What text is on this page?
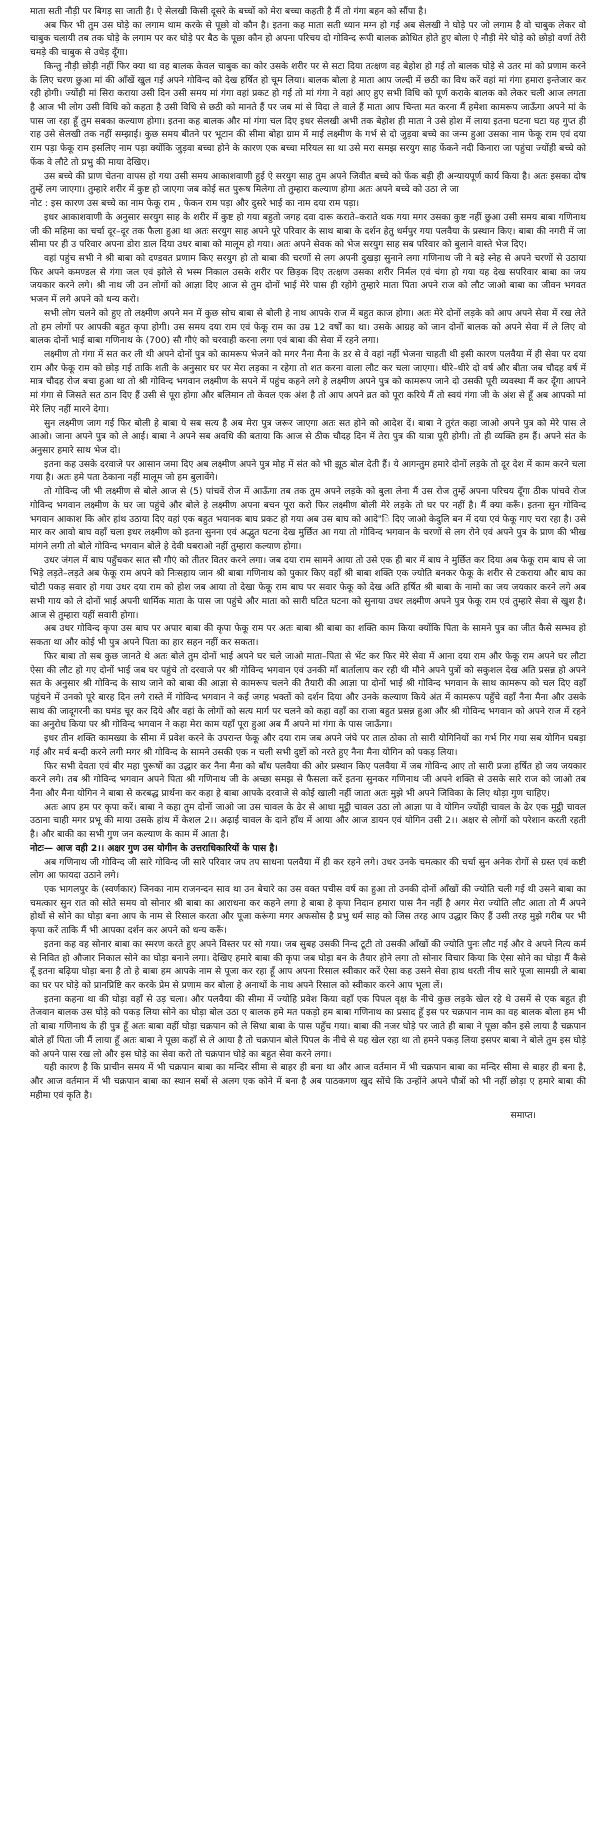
माता सती नौड़ी पर बिगड़ सा जाती है। ऐ सेलखी किसी दूसरे के बच्चों को मेरा बच्चा कहती है मैं तो गंगा बहन को सौंपा है।

अब फिर भी तुम उस घोड़े का लगाम थाम करके से पूछो वो कौन है। इतना कह माता सती ध्यान मग्न हो गई अब सेलखी ने घोड़े पर जो लगाम है वो चाबुक लेकर वो चाबुक चलायी तब तक घोड़े के लगाम पर कर घोड़े पर बैठ के पूछा कौन हो अपना परिचय दो गोविन्द रूपी बालक क्रोधित होते हुए बोला ऐ नौड़ी मेरे घोड़े को छोड़ो वर्णा तेरी चमड़े की चाबुक से उधेड़ दूँगा।

किन्तु नौड़ी छोड़ी नहीं फिर क्या था वह बालक केवल चाबुक का कोर उसके शरीर पर से सटा दिया तत्क्षण वह बेहोश हो गई तो बालक घोड़े से उतर मां को प्रणाम करने के लिए चरण छुआ मां की आँखें खुल गई अपने गोविन्द को देख हर्षित हो चूम लिया। बालक बोला हे माता आप जल्दी में छठी का विध करें वहां मां गंगा हमारा इन्तेजार कर रही होगी। ज्योंही मां सिरा कराया उसी दिन उसी समय मां गंगा वहां प्रकट हो गई तो मां गंगा ने वहां आए हुए सभी विधि को पूर्ण कराके बालक को लेकर चली आज लगता है आज भी लोग उसी विधि को कहता है उसी विधि से छठी को मानते हैं पर जब मां से विदा ले वाले हैं माता आप चिन्ता मत करना मैं हमेशा कामरूप जाऊँगा अपने मां के पास जा रहा हूँ तुम सबका कल्याण होगा। इतना कह बालक और मां गंगा चल दिए इधर सेलखी अभी तक बेहोश ही माता ने उसे होश में लाया इतना घटना घटा यह गुप्त ही राह उसे सेलखी तक नहीं सम्झाई। कुछ समय बीतने पर भूटान की सीमा बोहा ग्राम में माई लक्ष्मीण के गर्भ से दो जुड़वा बच्चे का जन्म हुआ उसका नाम फेकू राम एवं दया राम पड़ा फेकू राम इसलिए नाम पड़ा क्योंकि जुड़वा बच्चा होने के कारण एक बच्चा मरियल सा था उसे मरा समझ सरयुग साह फेंकने नदी किनारा जा पहुंचा ज्योंही बच्चे को फेंक वे लौटे तो प्रभु की माया देखिए।

उस बच्चे की प्राण चेतना वापस हो गया उसी समय आकाशवाणी हुई ऐ सरयुग साह तुम अपने जिवीत बच्चे को फेंक बड़ी ही अन्यायपूर्ण कार्य किया है। अतः इसका दोष तुम्हें लग जाएगा। तुम्हारे शरीर में कुष्ट हो जाएगा जब कोई सत पुरूष मिलेगा तो तुम्हारा कल्याण होगा अतः अपने बच्चे को उठा ले जा

नोट : इस कारण उस बच्चे का नाम फेकू राम , फेकन राम पड़ा और दुसरे भाई का नाम दया राम पड़ा।

इधर आकाशवाणी के अनुसार सरयुग साह के शरीर में कुष्ट हो गया बहुतो जगह दवा दारू कराते–कराते थक गया मगर उसका कुष्ट नहीं छुआ उसी समय बाबा गणिनाथ जी की महिमा का चर्चा दूर–दूर तक फैला हुआ था अतः सरयुग साह अपने पूरे परिवार के साथ बाबा के दर्शन हेतु धर्मपुर गया पलवैया के प्रस्थान किए। बाबा की नगरी में जा सीमा पर ही उ परिवार अपना डोरा डाल दिया उधर बाबा को मालूम हो गया। अतः अपने सेवक को भेज सरयुग साह सब परिवार को बुलाने वास्ते भेज दिए।

वहां पहुंच सभी ने श्री बाबा को दण्डवत प्रणाम किए सरयुग हो तो बाबा की चरणों से लग अपनी दुखड़ा सुनाने लगा गणिनाथ जी ने बड़े स्नेह से अपने चरणों से उठाया फिर अपने कमण्डल से गंगा जल एवं झोले से भस्म निकाल उसके शरीर पर छिड़क दिए तत्क्षण उसका शरीर निर्मल एवं चंगा हो गया यह देख सपरिवार बाबा का जय जयकार करने लगे। श्री नाथ जी उन लोगों को आज्ञा दिए आज से तुम दोनों भाई मेरे पास ही रहोगे तुम्हारे माता पिता अपने राज को लौट जाओ बाबा का जीवन भगवत भजन में लगे अपने को धन्य करो।

सभी लोग चलने को हुए तो लक्ष्मीण अपने मन में कुछ सोच बाबा से बोली हे नाथ आपके राज में बहुत काज होगा। अतः मेरे दोनों लड़के को आप अपने सेवा में रख लेते तो हम लोगों पर आपकी बहुत कृपा होगी। उस समय दया राम एवं फेकू राम का उम्र 12 वर्षों का था। उसके आग्रह को जान दोनों बालक को अपने सेवा में ले लिए वो बालक दोनों भाई बाबा गणिनाथ के (700) सौ गौएं को चरवाही करना लगा एवं बाबा की सेवा में रहने लगा।

लक्ष्मीण तो गंगा में सत कर ली थी अपने दोनों पुत्र को कामरूप भेजने को मगर नैना मैना के डर से वे वहां नहीं भेजना चाहती थी इसी कारण पलवैया में ही सेवा पर दया राम और फेकू राम को छोड़ गई ताकि शती के अनुसार घर पर मेरा लड़का न रहेगा तो शत करना वाला लौट कर चला जाएगा। धीरे–धीरे दो वर्ष और बीता जब चौदह वर्ष में मात्र चौदह रोज बचा हुआ था तो श्री गोविन्द भगवान लक्ष्मीण के सपने में पहुंच कहने लगे हे लक्ष्मीण अपने पुत्र को कामरूप जाने दो उसकी पूरी व्यवस्था मैं कर दूँगा आपने मां गंगा से जिसते सत ठान दिए हैं उसी से पूरा होगा और बलिमान तो केवल एक अंश है तो आप अपने व्रत को पूरा करिये मैं तो स्वयं गंगा जी के अंश से हूँ अब आपको मां मेरे लिए नहीं मारने देगा।

सुन लक्ष्मीण जाग गई फिर बोली हे बाबा ये सब सत्य है अब मेरा पुत्र जरूर जाएगा अतः सत होने को आदेश दें। बाबा ने तुरंत कहा जाओ अपने पुत्र को मेरे पास ले आओ। जाना अपने पुत्र को ले आई। बाबा ने अपने सब अवधि की बताया कि आज से ठीक चौदह दिन में तेरा पुत्र की यात्रा पूरी होगी। तो ही व्यक्ति हम हैं। अपने संत के अनुसार हमारे साथ भेज दो।

इतना कह उसके दरवाजे पर आसान जमा दिए अब लक्ष्मीण अपने पुत्र मोह में संत को भी झूठ बोल देती हैं। ये आगन्तुम हमारे दोनों लड़के तो दूर देश में काम करने चला गया है। अतः हमे पता ठेकाना नहीं मालूम जो हम बुलावेंगे।

तो गोविन्द जी भी लक्ष्मीण से बोले आज से (5) पांचवें रोज में आऊँगा तब तक तुम अपने लड़के को बुला लेना मैं उस रोज तुम्हें अपना परिचय दूँगा ठीक पांचवे रोज गोविन्द भगवान लक्ष्मीण के घर जा पहुंचे और बोले हे लक्ष्मीण अपना बचन पूरा करो फिर लक्ष्मीण बोली मेरे लड़के तो घर पर नहीं है। मैं क्या करूँ। इतना सुन गोविन्द भगवान आकाश कि ओर हांथ उठाया दिए वहां एक बहुत भयानक बाघ प्रकट हो गया अब उस बाघ को आदे"ि दिए जाओ केदुलि बन में दया एवं फेकू गाए चरा रहा है। उसे मार कर आवो बाघ वहाँ चला इधर लक्ष्मीण को इतना सुनना एवं अद्भुत घटना देख मुर्छित आ गया तो गोविन्द भगवान के चरणों से लग रोने एवं अपने पुत्र के प्राण की भीख मांगने लगी तो बोले गोविन्द भगवान बोले हे देवी घबराओ नहीं तुम्हारा कल्याण होगा।

उधर जंगल में बाघ पहुँचकर सात सौ गौएं को तीतर वितर करने लगा। जब दया राम सामने आया तो उसे एक ही बार में बाघ ने मुर्छित कर दिया अब फेकू राम बाघ से जा भिड़े लड़ते–लड़ते अब फेकू राम अपने को निःसहाय जान श्री बाबा गणिनाथ को पुकार किए वहाँ श्री बाबा शक्ति एक ज्योति बनकर फेकू के शरीर से टकराया और बाघ का चोटी पकड़ सवार हो गया उधर दया राम को होश जब आया तो देखा फेकू राम बाघ पर सवार फेकू को देख अति हर्षित श्री बाबा के नामो का जय जयकार करने लगे अब सभी गाय को ले दोनों भाई अपनी धार्मिक माता के पास जा पहुंचे और माता को सारी घटित घटना को सुनाया उधर लक्ष्मीण अपने पुत्र फेकू राम एवं तुम्हारे सेवा से खुश है। आज से तुम्हारा यहीं सवारी होगा।

अब उधर गोविन्द कृपा उस बाघ पर अपार बाबा की कृपा फेकू राम पर अतः बाबा श्री बाबा का शक्ति काम किया क्योंकि पिता के सामने पुत्र का जीत कैसे सम्भव हो सकता था और कोई भी पुत्र अपने पिता का हार सहन नहीं कर सकता।

फिर बाबा तो सब कुछ जानते थे अतः बोले तुम दोनों भाई अपने घर चले जाओ माता–पिता से भेंट कर फिर मेरे सेवा में आना दया राम और फेकू राम अपने घर लौटा ऐसा की लौट हो गए दोनों भाई जब घर पहुंचे तो दरवाजे पर श्री गोविन्द भगवान एवं उनकी माँ बार्तालाप कर रही थी मौने अपने पुत्रों को सकुशल देख अति प्रसन्न हो अपने सत के अनुसार श्री गोविन्द के साथ जाने को बाबा की आज्ञा से कामरूप चलने की तैयारी की आज्ञा पा दोनों भाई श्री गोविन्द भगवान के साथ कामरूप को चल दिए वहाँ पहुंचने में उनको पूरे बारह दिन लगे रास्ते में गोविन्द भगवान ने कई जगह भक्तों को दर्शन दिया और उनके कल्याण किये अंत में कामरूप पहुँचे वहाँ नैना मैना और उसके साथ की जादूगरनी का घमंड चूर कर दिये और वहां के लोगों को सत्य मार्ग पर चलने को कहा वहाँ का राजा बहुत प्रसन्न हुआ और श्री गोविन्द भगवान को अपने राज में रहने का अनुरोध किया पर श्री गोविन्द भगवान ने कहा मेरा काम यहाँ पूरा हुआ अब मैं अपने मां गंगा के पास जाऊँगा।

इधर तीन शक्ति कामख्या के सीमा में प्रवेश करने के उपरान्त फेकू और दया राम जब अपने जंघे पर ताल ठोका तो सारी योगिनियों का गर्भ गिर गया सब योगिन घबड़ा गई और मर्च बन्दी करने लगी मगर श्री गोविन्द के सामने उसकी एक न चली सभी दुष्टों को नरते हुए नैना मैना योगिन को पकड़ लिया।

फिर सभी देवता एवं बीर महा पुरूषों का उद्धार कर नैना मैना को बाँध पलवैया की ओर प्रस्थान किए पलवैया में जब गोविन्द आए तो सारी प्रजा हर्षित हो जय जयकार करने लगे। तब श्री गोविन्द भगवान अपने पिता श्री गणिनाथ जी के अच्छा समझ से फैसला करें इतना सुनकर गणिनाथ जी अपने शक्ति से उसके सारे राज को जाओ तब नैना और मैना योगिन ने बाबा से करबद्ध प्रार्थना कर कहा हे बाबा आपके दरवाजे से कोई खाली नहीं जाता अतः मुझे भी अपने जिविका के लिए थोड़ा गुण चाहिए।

अतः आप हम पर कृपा करें। बाबा ने कहा तुम दोनों जाओ जा उस चावल के ढेर से आधा मुट्ठी चावल उठा लो आज्ञा पा वे योगिन ज्योंही चावल के ढेर एक मुट्ठी चावल उठाना चाही मगर प्रभू की माया उसके हांथ में केशल 2।। अढ़ाई चावल के दाने हाँथ में आया और आज डायन एवं योगिन उसी 2।। अक्षर से लोगों को परेशान करती रहती है। और बाकी का सभी गुण जन कल्याण के काम में आता है।

नोटः— आज वही 2।। अक्षर गुण उस योगीन के उत्तराधिकारियों के पास है।

अब गणिनाथ जी गोविन्द जी सारे गोविन्द जी सारे परिवार जप तप साधना पलवैया में ही कर रहने लगे। उधर उनके चमत्कार की चर्चा सुन अनेक रोगों से ग्रस्त एवं कष्टी लोग आ फायदा उठाने लगे।

एक भागलपुर के (स्वर्णकार) जिनका नाम राजनन्दन साव था उन बेचारे का उस वक्त पचीस वर्ष का हुआ तो उनकी दोनों आँखों की ज्योति चली गई थी उसने बाबा का चमत्कार सुन रात को सोते समय वो सोनार श्री बाबा का आराधना कर कहने लगा हे बाबा हे कृपा निदान हमारा पास नैन नहीं है अगर मेरा ज्योति लौट आता तो मैं अपने होथों से सोने का घोड़ा बना आप के नाम से रिसाल करता और पूजा करूंगा मगर अफसोस है प्रभु धर्म साह को जिस तरह आप उद्धार किए हैं उसी तरह मुझे गरीब पर भी कृपा करें ताकि मैं भी आपका दर्शन कर अपने को धन्य करूँ।

इतना कह वह सोनार बाबा का स्मरण करते हुए अपने विस्तर पर सो गया। जब सुबह उसकी निन्द टूटी तो उसकी आँखों की ज्योति पुनः लौट गई और वे अपने नित्य कर्म से निवित हो औजार निकाल सोने का घोड़ा बनाने लगा। देखिए हमारे बाबा की कृपा जब घोड़ा बन के तैयार होने लगा तो सोनार विचार किया कि ऐसा सोने का घोड़ा मैं कैसे दूँ इतना बढ़िया घोड़ा बना है तो हे बाबा हम आपके नाम से पूजा कर रहा हूँ आप अपना रिसाल स्वीकार करें ऐसा कह उसने सेवा हाथ धरती नीच सारे पूजा सामग्री ले बाबा का घर पर घोड़े को प्रानप्रिष्टि कर करके प्रेम से प्रणाम कर बोला हे अनाथों के नाथ अपने रिसाल को स्वीकार करने आप भूला लें।

इतना कहना था की घोड़ा वहाँ से उड़ चला। और पलवैया की सीमा में ज्योहि प्रवेश किया वहाँ एक पिपल वृक्ष के नीचे कुछ लड़के खेल रहे थे उसमें से एक बहुत ही तेजवान बालक उस घोड़े को पकड़ लिया सोने का घोड़ा बोल उठा ए बालक हमे मत पकड़ो हम बाबा गणिनाथ का प्रसाद हूँ इस पर चक्रपान नाम का वह बालक बोला हम भी तो बाबा गणिनाथ के ही पुत्र हूँ अतः बाबा वहीं घोड़ा चक्रपान को ले सिधा बाबा के पास पहुँच गया। बाबा की नजर घोड़े पर जाते ही बाबा ने पूछा कौन इसे लाया है चक्रपान बोले हाँ पिता जी मैं लाया हूँ अतः बाबा ने पूछा कहाँ से ले आया है तो चक्रपान बोले पिपल के नीचे से यह खेल रहा था तो हमने पकड़ लिया इसपर बाबा ने बोले तुम इस घोड़े को अपने पास रख लो और इस घोड़े का सेवा करो तो चक्रपान घोड़े का बहुत सेवा करने लगा।

यही कारण है कि प्राचीन समय में भी चक्रपान बाबा का मन्दिर सीमा से बाहर ही बना था और आज वर्तमान में भी चक्रपान बाबा का मन्दिर सीमा से बाहर ही बना है, और आज वर्तमान में भी चक्रपान बाबा का स्थान सबों से अलग एक कोने में बना है अब पाठकगण खुद सोंचे कि उन्होंने अपने पौत्रों को भी नहीं छोड़ा ए हमारे बाबा की महीमा एवं कृति है।

समाप्त।
